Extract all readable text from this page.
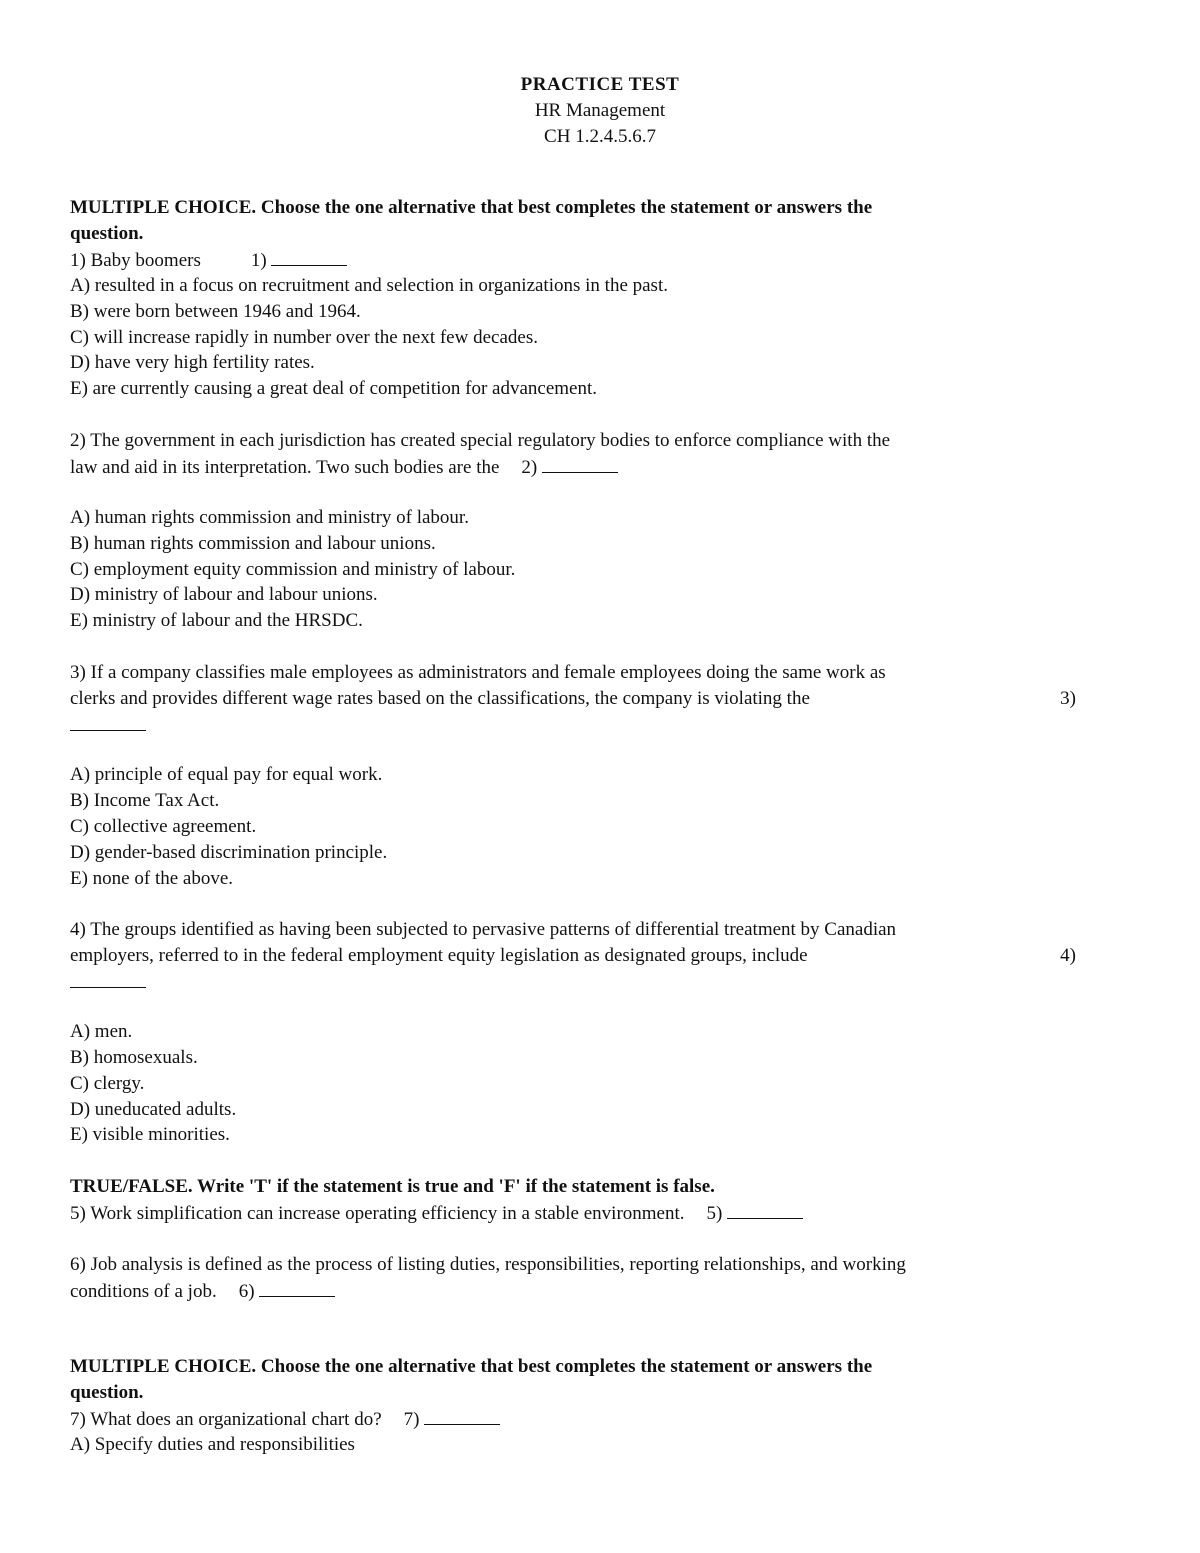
PRACTICE TEST
HR Management
CH 1.2.4.5.6.7
MULTIPLE CHOICE. Choose the one alternative that best completes the statement or answers the
question.
1) Baby boomers	1)
A) resulted in a focus on recruitment and selection in organizations in the past.
B) were born between 1946 and 1964.
C) will increase rapidly in number over the next few decades.
D) have very high fertility rates.
E) are currently causing a great deal of competition for advancement.
2) The government in each jurisdiction has created special regulatory bodies to enforce compliance with the
law and aid in its interpretation. Two such bodies are the 2)
A) human rights commission and ministry of labour.
B) human rights commission and labour unions.
C) employment equity commission and ministry of labour.
D) ministry of labour and labour unions.
E) ministry of labour and the HRSDC.
3) If a company classifies male employees as administrators and female employees doing the same work as
clerks and provides different wage rates based on the classifications, the company is violating the	3)
A) principle of equal pay for equal work.
B) Income Tax Act.
C) collective agreement.
D) gender-based discrimination principle.
E) none of the above.
4) The groups identified as having been subjected to pervasive patterns of differential treatment by Canadian
employers, referred to in the federal employment equity legislation as designated groups, include	4)
A) men.
B) homosexuals.
C) clergy.
D) uneducated adults.
E) visible minorities.
TRUE/FALSE. Write 'T' if the statement is true and 'F' if the statement is false.
5) Work simplification can increase operating efficiency in a stable environment. 5)
6) Job analysis is defined as the process of listing duties, responsibilities, reporting relationships, and working
conditions of a job. 6)
MULTIPLE CHOICE. Choose the one alternative that best completes the statement or answers the
question.
7) What does an organizational chart do? 7)
A) Specify duties and responsibilities
